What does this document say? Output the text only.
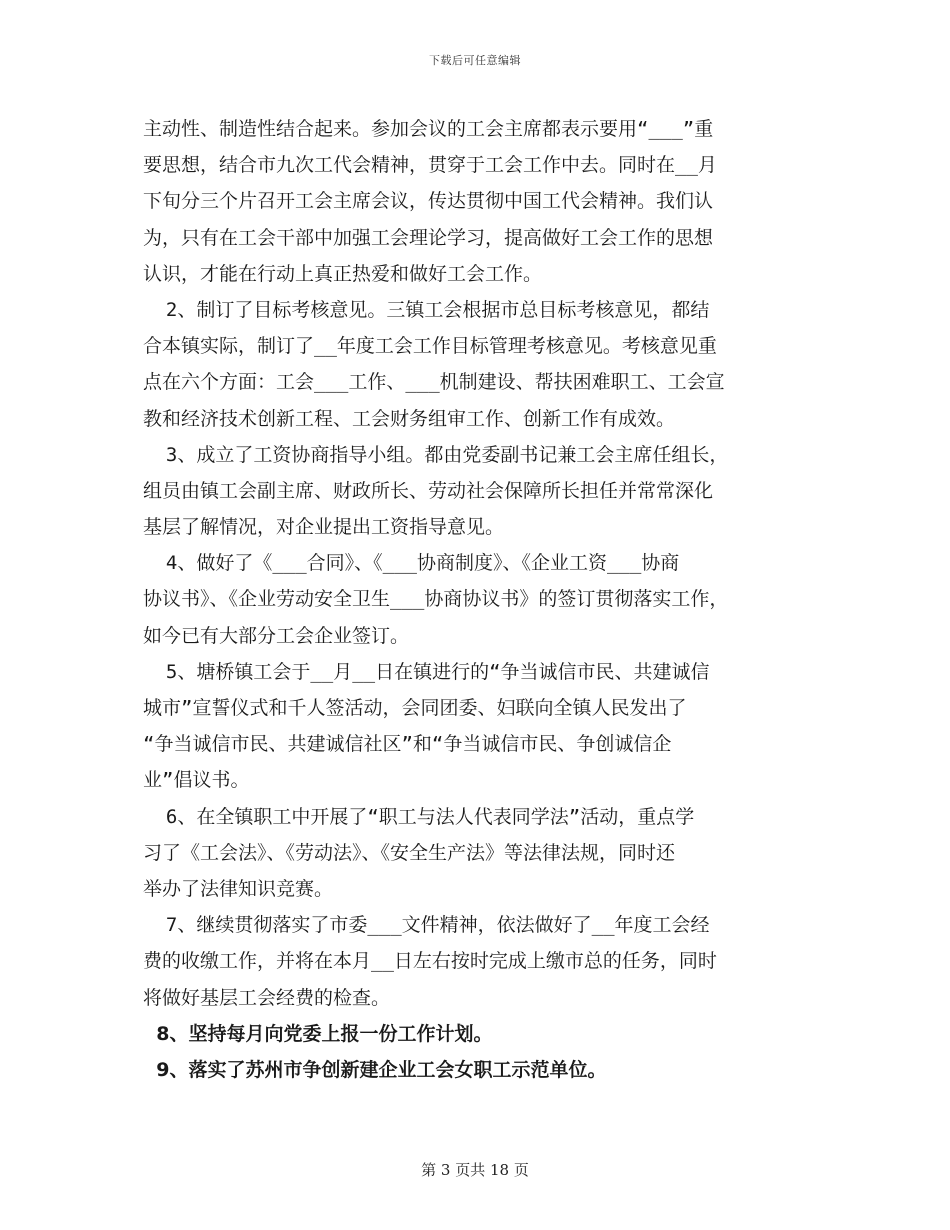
下载后可任意编辑
主动性、制造性结合起来。参加会议的工会主席都表示要用“___”重
要思想，结合市九次工代会精神，贯穿于工会工作中去。同时在__月
下旬分三个片召开工会主席会议，传达贯彻中国工代会精神。我们认
为，只有在工会干部中加强工会理论学习，提高做好工会工作的思想
认识，才能在行动上真正热爱和做好工会工作。
2、制订了目标考核意见。三镇工会根据市总目标考核意见，都结
合本镇实际，制订了__年度工会工作目标管理考核意见。考核意见重
点在六个方面：工会___工作、___机制建设、帮扶困难职工、工会宣
教和经济技术创新工程、工会财务组审工作、创新工作有成效。
3、成立了工资协商指导小组。都由党委副书记兼工会主席任组长，
组员由镇工会副主席、财政所长、劳动社会保障所长担任并常常深化
基层了解情况，对企业提出工资指导意见。
4、做好了《___合同》、《___协商制度》、《企业工资___协商
协议书》、《企业劳动安全卫生___协商协议书》的签订贯彻落实工作，
如今已有大部分工会企业签订。
5、塘桥镇工会于__月__日在镇进行的“争当诚信市民、共建诚信
城市”宣誓仪式和千人签活动，会同团委、妇联向全镇人民发出了
“争当诚信市民、共建诚信社区”和“争当诚信市民、争创诚信企
业”倡议书。
6、在全镇职工中开展了“职工与法人代表同学法”活动，重点学
习了《工会法》、《劳动法》、《安全生产法》等法律法规，同时还
举办了法律知识竞赛。
7、继续贯彻落实了市委___文件精神，依法做好了__年度工会经
费的收缴工作，并将在本月__日左右按时完成上缴市总的任务，同时
将做好基层工会经费的检查。
8、坚持每月向党委上报一份工作计划。
9、落实了苏州市争创新建企业工会女职工示范单位。
第 3 页共 18 页
